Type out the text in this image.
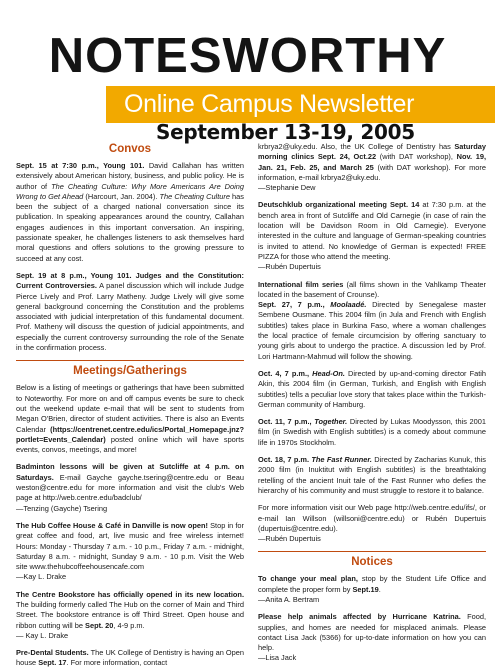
NOTESWORTHY
Online Campus Newsletter
September 13-19, 2005
Convos

Sept. 15 at 7:30 p.m., Young 101. David Callahan has written extensively about American history, business, and public policy. He is author of The Cheating Culture: Why More Americans Are Doing Wrong to Get Ahead (Harcourt, Jan. 2004). The Cheating Culture has been the subject of a charged national conversation since its publication. In speaking appearances around the country, Callahan engages audiences in this important conversation. An inspiring, passionate speaker, he challenges listeners to ask themselves hard moral questions and offers solutions to the growing pressure to succeed at any cost.

Sept. 19 at 8 p.m., Young 101. Judges and the Constitution: Current Controversies. A panel discussion which will include Judge Pierce Lively and Prof. Larry Matheny. Judge Lively will give some general background concerning the Constitution and the problems associated with judicial interpretation of this fundamental document. Prof. Matheny will discuss the question of judicial appointments, and especially the current controversy surrounding the role of the Senate in the confirmation process.

Meetings/Gatherings

Below is a listing of meetings or gatherings that have been submitted to Noteworthy. For more on and off campus events be sure to check out the weekend update e-mail that will be sent to students from Megan O'Brien, director of student activities. There is also an Events Calendar (https://centrenet.centre.edu/ics/Portal_Homepage.jnz?portlet=Events_Calendar) posted online which will have sports events, convos, meetings, and more!

Badminton lessons will be given at Sutcliffe at 4 p.m. on Saturdays. E-mail Gayche gayche.tsering@centre.edu or Beau weston@centre.edu for more information and visit the club's Web page at http://web.centre.edu/badclub/
—Tenzing (Gayche) Tsering

The Hub Coffee House & Café in Danville is now open! Stop in for great coffee and food, art, live music and free wireless internet! Hours: Monday - Thursday 7 a.m. - 10 p.m., Friday 7 a.m. - midnight, Saturday 8 a.m. - midnight, Sunday 9 a.m. - 10 p.m. Visit the Web site www.thehubcoffeehousencafe.com
—Kay L. Drake

The Centre Bookstore has officially opened in its new location. The building formerly called The Hub on the corner of Main and Third Street. The bookstore entrance is off Third Street. Open house and ribbon cutting will be Sept. 20, 4-9 p.m.
— Kay L. Drake

Pre-Dental Students. The UK College of Dentistry is having an Open house Sept. 17. For more information, contact

krbrya2@uky.edu. Also, the UK College of Dentistry has Saturday morning clinics Sept. 24, Oct.22 (with DAT workshop), Nov. 19, Jan. 21, Feb. 25, and March 25 (with DAT workshop). For more information, e-mail krbrya2@uky.edu.
—Stephanie Dew

Deutschklub organizational meeting Sept. 14 at 7:30 p.m. at the bench area in front of Sutcliffe and Old Carnegie (in case of rain the location will be Davidson Room in Old Carnegie). Everyone interested in the culture and language of German-speaking countries is invited to attend. No knowledge of German is expected! FREE PIZZA for those who attend the meeting.
—Rubén Dupertuis

International film series (all films shown in the Vahlkamp Theater located in the basement of Crounse).
Sept. 27, 7 p.m., Moolaadé. Directed by Senegalese master Sembene Ousmane. This 2004 film (in Jula and French with English subtitles) takes place in Burkina Faso, where a woman challenges the local practice of female circumcision by offering sanctuary to young girls about to undergo the practice. A discussion led by Prof. Lori Hartmann-Mahmud will follow the showing.

Oct. 4, 7 p.m., Head-On. Directed by up-and-coming director Fatih Akin, this 2004 film (in German, Turkish, and English with English subtitles) tells a peculiar love story that takes place within the Turkish-German community of Hamburg.

Oct. 11, 7 p.m., Together. Directed by Lukas Moodysson, this 2001 film (in Swedish with English subtitles) is a comedy about commune life in 1970s Stockholm.

Oct. 18, 7 p.m. The Fast Runner. Directed by Zacharias Kunuk, this 2000 film (in Inuktitut with English subtitles) is the breathtaking retelling of the ancient Inuit tale of the Fast Runner who defies the hierarchy of his community and must struggle to restore it to balance.

For more information visit our Web page http://web.centre.edu/ifs/, or e-mail Ian Willson (willsoni@centre.edu) or Rubén Dupertuis (dupertuis@centre.edu).
—Rubén Dupertuis

Notices

To change your meal plan, stop by the Student Life Office and complete the proper form by Sept.19.
—Anita A. Bertram

Please help animals affected by Hurricane Katrina. Food, supplies, and homes are needed for misplaced animals. Please contact Lisa Jack (5366) for up-to-date information on how you can help.
—Lisa Jack
